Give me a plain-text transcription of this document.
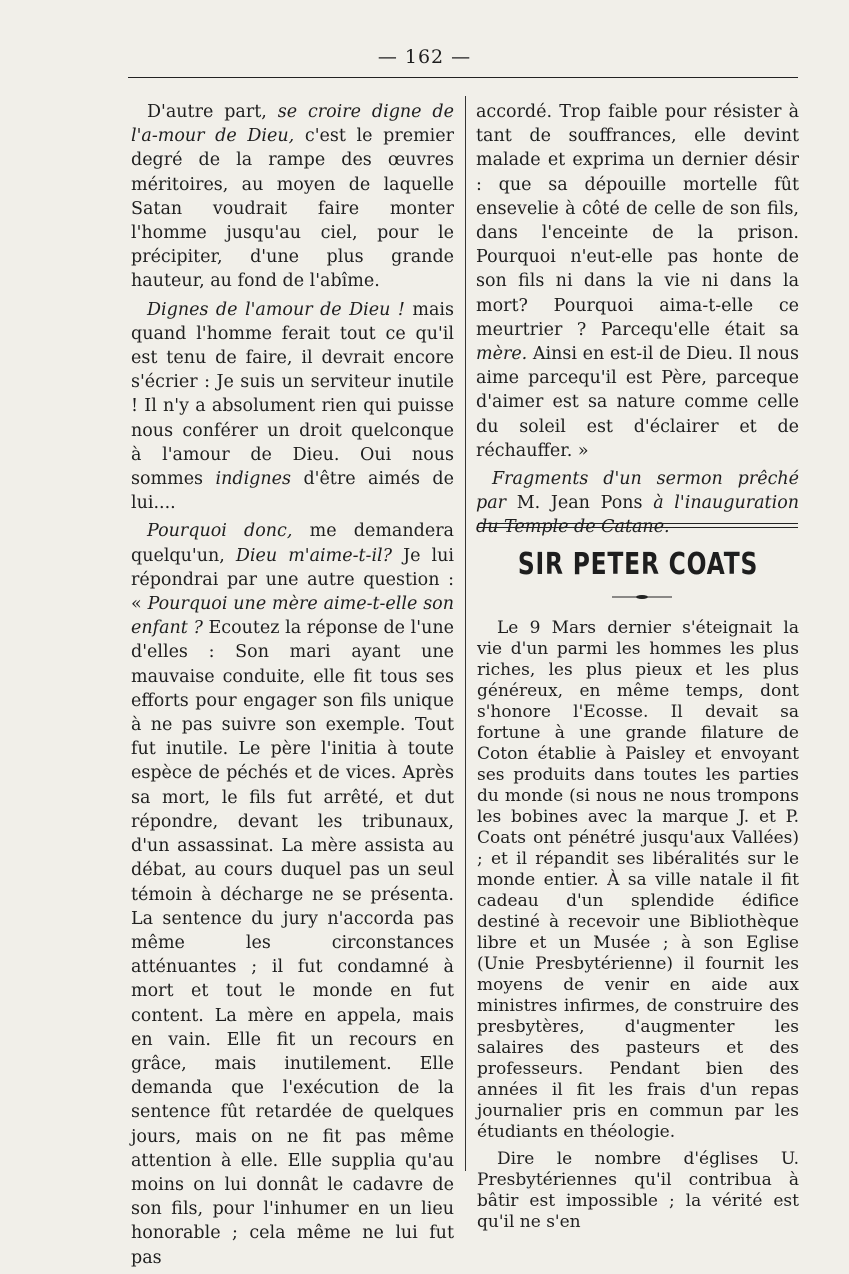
— 162 —

D'autre part, se croire digne de l'a-mour de Dieu, c'est le premier degré de la rampe des œuvres méritoires, au moyen de laquelle Satan voudrait faire monter l'homme jusqu'au ciel, pour le précipiter, d'une plus grande hauteur, au fond de l'abîme.

Dignes de l'amour de Dieu ! mais quand l'homme ferait tout ce qu'il est tenu de faire, il devrait encore s'écrier : Je suis un serviteur inutile ! Il n'y a absolument rien qui puisse nous conférer un droit quelconque à l'amour de Dieu. Oui nous sommes indignes d'être aimés de lui....

Pourquoi donc, me demandera quelqu'un, Dieu m'aime-t-il? Je lui répondrai par une autre question : « Pourquoi une mère aime-t-elle son enfant ? Ecoutez la réponse de l'une d'elles : Son mari ayant une mauvaise conduite, elle fit tous ses efforts pour engager son fils unique à ne pas suivre son exemple. Tout fut inutile. Le père l'initia à toute espèce de péchés et de vices. Après sa mort, le fils fut arrêté, et dut répondre, devant les tribunaux, d'un assassinat. La mère assista au débat, au cours duquel pas un seul témoin à décharge ne se présenta. La sentence du jury n'accorda pas même les circonstances atténuantes ; il fut condamné à mort et tout le monde en fut content. La mère en appela, mais en vain. Elle fit un recours en grâce, mais inutilement. Elle demanda que l'exécution de la sentence fût retardée de quelques jours, mais on ne fit pas même attention à elle. Elle supplia qu'au moins on lui donnât le cadavre de son fils, pour l'inhumer en un lieu honorable ; cela même ne lui fut pas

accordé. Trop faible pour résister à tant de souffrances, elle devint malade et exprima un dernier désir : que sa dépouille mortelle fût ensevelie à côté de celle de son fils, dans l'enceinte de la prison. Pourquoi n'eut-elle pas honte de son fils ni dans la vie ni dans la mort? Pourquoi aima-t-elle ce meurtrier ? Parcequ'elle était sa mère. Ainsi en est-il de Dieu. Il nous aime parcequ'il est Père, parceque d'aimer est sa nature comme celle du soleil est d'éclairer et de réchauffer. »

Fragments d'un sermon prêché par M. Jean Pons à l'inauguration du Temple de Catane.

SIR PETER COATS

Le 9 Mars dernier s'éteignait la vie d'un parmi les hommes les plus riches, les plus pieux et les plus généreux, en même temps, dont s'honore l'Ecosse. Il devait sa fortune à une grande filature de Coton établie à Paisley et envoyant ses produits dans toutes les parties du monde (si nous ne nous trompons les bobines avec la marque J. et P. Coats ont pénétré jusqu'aux Vallées) ; et il répandit ses libéralités sur le monde entier. À sa ville natale il fit cadeau d'un splendide édifice destiné à recevoir une Bibliothèque libre et un Musée ; à son Eglise (Unie Presbytérienne) il fournit les moyens de venir en aide aux ministres infirmes, de construire des presbytères, d'augmenter les salaires des pasteurs et des professeurs. Pendant bien des années il fit les frais d'un repas journalier pris en commun par les étudiants en théologie.

Dire le nombre d'églises U. Presbytériennes qu'il contribua à bâtir est impossible ; la vérité est qu'il ne s'en
